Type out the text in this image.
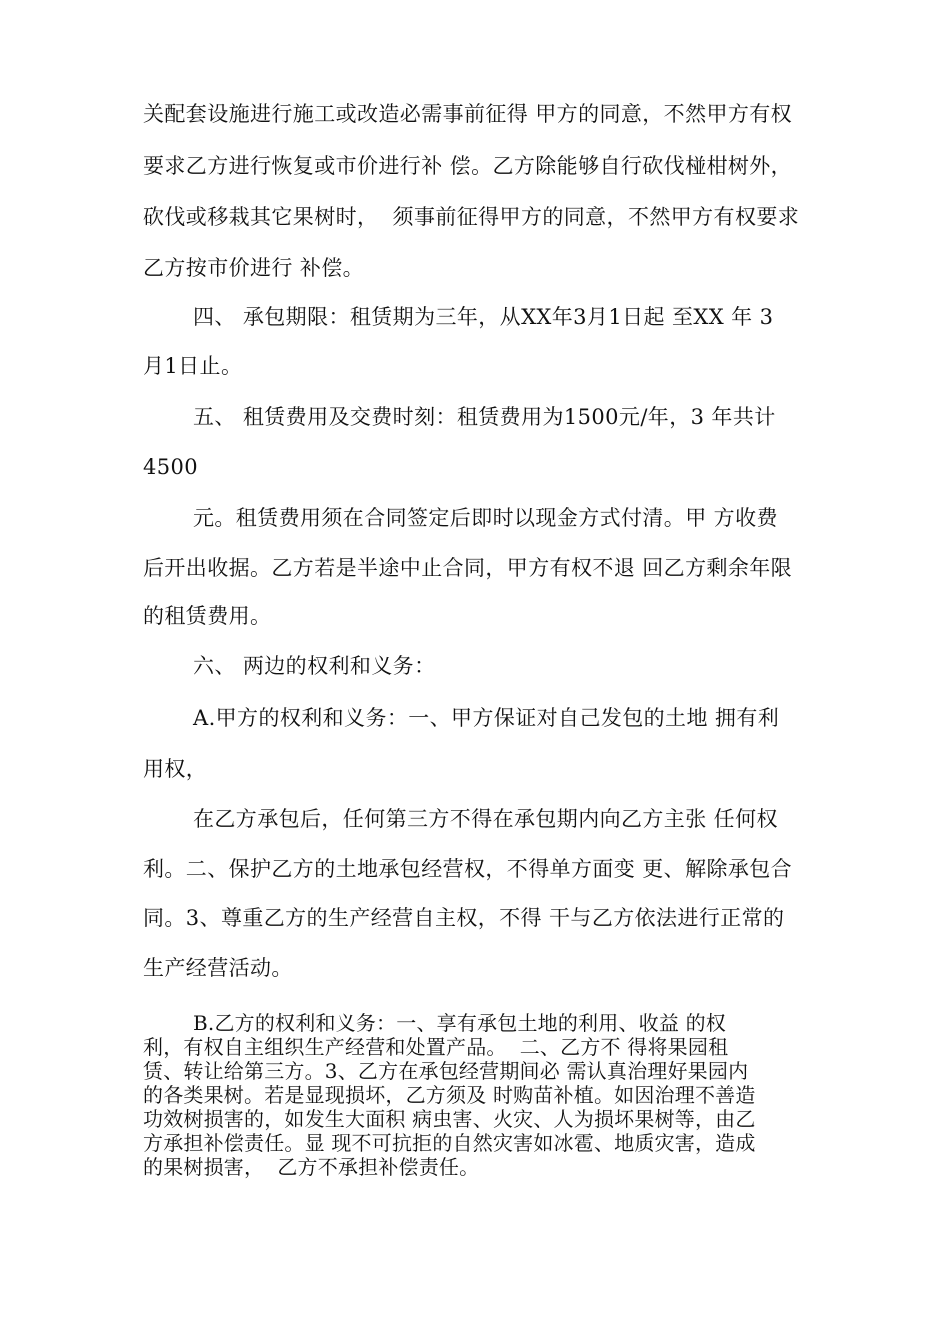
关配套设施进行施工或改造必需事前征得 甲方的同意，不然甲方有权
要求乙方进行恢复或市价进行补 偿。乙方除能够自行砍伐椪柑树外，
砍伐或移栽其它果树时，  须事前征得甲方的同意，不然甲方有权要求
乙方按市价进行 补偿。
四、 承包期限：租赁期为三年，从XX年3月1日起 至XX 年 3
月1日止。
五、 租赁费用及交费时刻：租赁费用为1500元/年，3 年共计
4500
元。租赁费用须在合同签定后即时以现金方式付清。甲 方收费
后开出收据。乙方若是半途中止合同，甲方有权不退 回乙方剩余年限
的租赁费用。
六、 两边的权利和义务：
A.甲方的权利和义务：一、甲方保证对自己发包的土地 拥有利
用权，
在乙方承包后，任何第三方不得在承包期内向乙方主张 任何权
利。二、保护乙方的土地承包经营权，不得单方面变 更、解除承包合
同。3、尊重乙方的生产经营自主权，不得 干与乙方依法进行正常的
生产经营活动。
B.乙方的权利和义务：一、享有承包土地的利用、收益 的权
利，有权自主组织生产经营和处置产品。  二、乙方不 得将果园租
赁、转让给第三方。3、乙方在承包经营期间必 需认真治理好果园内
的各类果树。若是显现损坏，乙方须及 时购苗补植。如因治理不善造
功效树损害的，如发生大面积 病虫害、火灾、人为损坏果树等，由乙
方承担补偿责任。显 现不可抗拒的自然灾害如冰雹、地质灾害，造成
的果树损害，  乙方不承担补偿责任。
